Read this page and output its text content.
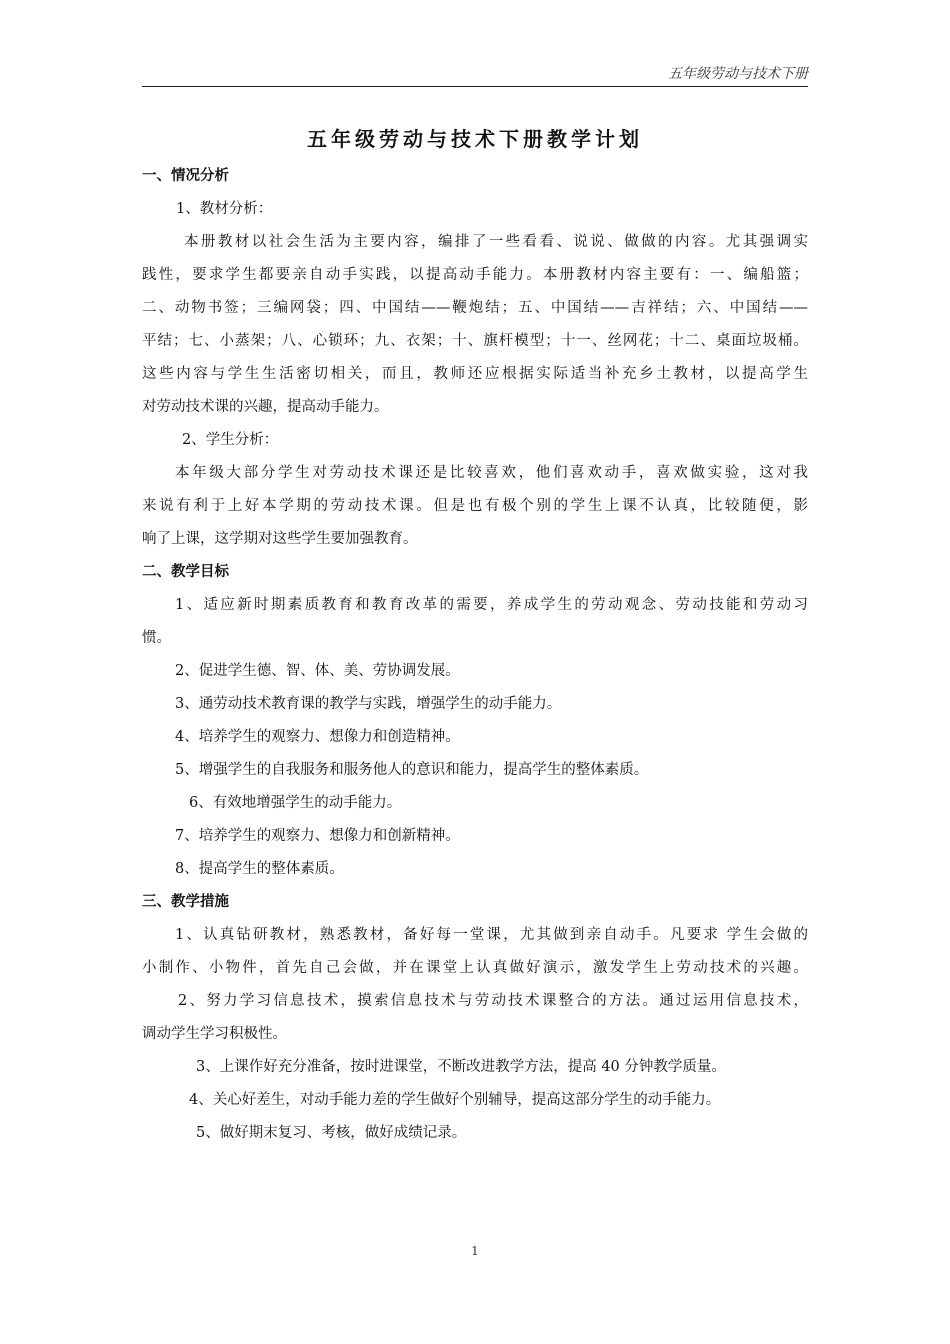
五年级劳动与技术下册
五年级劳动与技术下册教学计划
一、情况分析
1、教材分析：
本册教材以社会生活为主要内容，编排了一些看看、说说、做做的内容。尤其强调实
践性，要求学生都要亲自动手实践，以提高动手能力。本册教材内容主要有：一、编船篮；
二、动物书签；三编网袋；四、中国结——鞭炮结；五、中国结——吉祥结；六、中国结——
平结；七、小蒸架；八、心锁环；九、衣架；十、旗杆模型；十一、丝网花；十二、桌面垃圾桶。
这些内容与学生生活密切相关，而且，教师还应根据实际适当补充乡土教材，以提高学生
对劳动技术课的兴趣，提高动手能力。
2、学生分析：
本年级大部分学生对劳动技术课还是比较喜欢，他们喜欢动手，喜欢做实验，这对我
来说有利于上好本学期的劳动技术课。但是也有极个别的学生上课不认真，比较随便，影
响了上课，这学期对这些学生要加强教育。
二、教学目标
1、适应新时期素质教育和教育改革的需要，养成学生的劳动观念、劳动技能和劳动习
惯。
2、促进学生德、智、体、美、劳协调发展。
3、通劳动技术教育课的教学与实践，增强学生的动手能力。
4、培养学生的观察力、想像力和创造精神。
5、增强学生的自我服务和服务他人的意识和能力，提高学生的整体素质。
6、有效地增强学生的动手能力。
7、培养学生的观察力、想像力和创新精神。
8、提高学生的整体素质。
三、教学措施
1、认真钻研教材，熟悉教材，备好每一堂课，尤其做到亲自动手。凡要求 学生会做的
小制作、小物件，首先自己会做，并在课堂上认真做好演示，激发学生上劳动技术的兴趣。
2、努力学习信息技术，摸索信息技术与劳动技术课整合的方法。通过运用信息技术，
调动学生学习积极性。
3、上课作好充分准备，按时进课堂，不断改进教学方法，提高 40 分钟教学质量。
4、关心好差生，对动手能力差的学生做好个别辅导，提高这部分学生的动手能力。
5、做好期末复习、考核，做好成绩记录。
1
